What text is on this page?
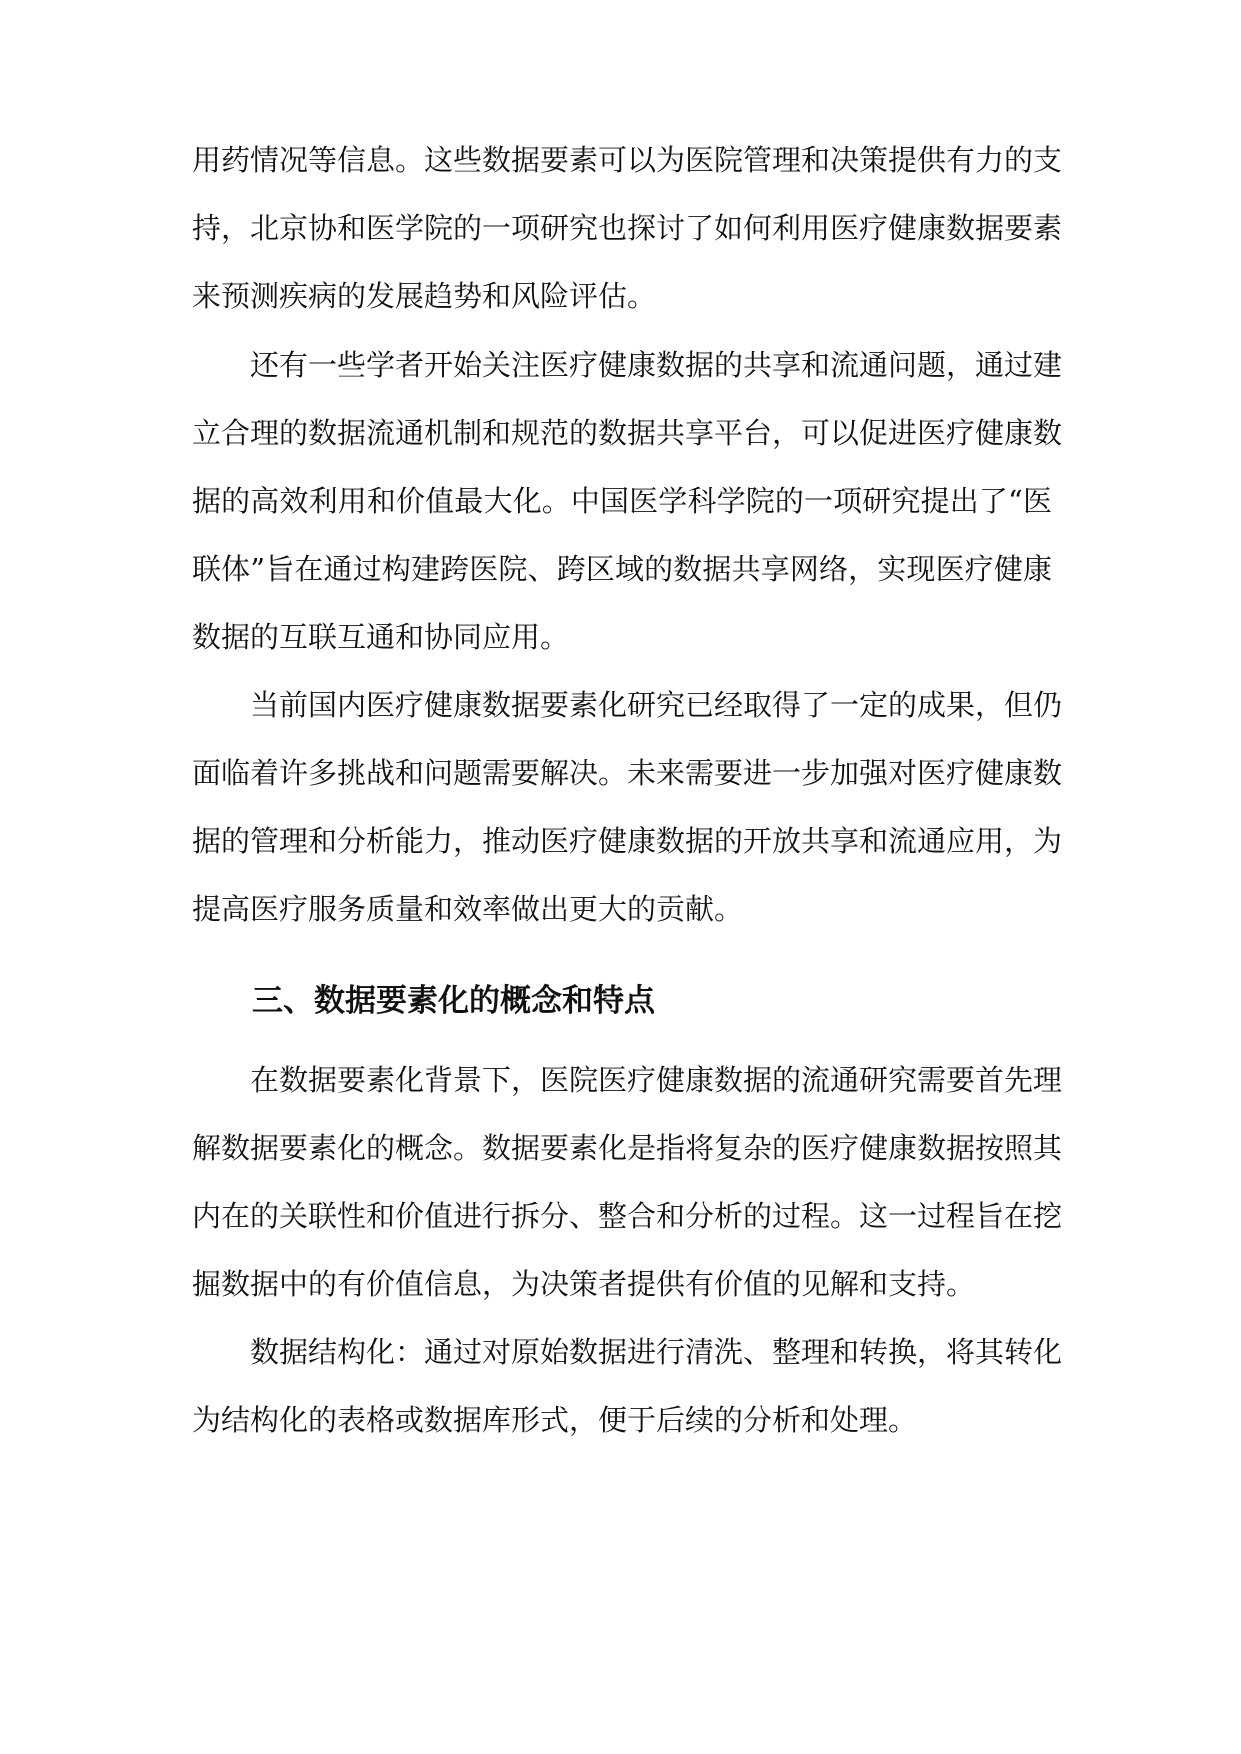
用药情况等信息。这些数据要素可以为医院管理和决策提供有力的支
持，北京协和医学院的一项研究也探讨了如何利用医疗健康数据要素
来预测疾病的发展趋势和风险评估。
还有一些学者开始关注医疗健康数据的共享和流通问题，通过建
立合理的数据流通机制和规范的数据共享平台，可以促进医疗健康数
据的高效利用和价值最大化。中国医学科学院的一项研究提出了“医
联体”旨在通过构建跨医院、跨区域的数据共享网络，实现医疗健康
数据的互联互通和协同应用。
当前国内医疗健康数据要素化研究已经取得了一定的成果，但仍
面临着许多挑战和问题需要解决。未来需要进一步加强对医疗健康数
据的管理和分析能力，推动医疗健康数据的开放共享和流通应用，为
提高医疗服务质量和效率做出更大的贡献。
三、数据要素化的概念和特点
在数据要素化背景下，医院医疗健康数据的流通研究需要首先理
解数据要素化的概念。数据要素化是指将复杂的医疗健康数据按照其
内在的关联性和价值进行拆分、整合和分析的过程。这一过程旨在挖
掘数据中的有价值信息，为决策者提供有价值的见解和支持。
数据结构化：通过对原始数据进行清洗、整理和转换，将其转化
为结构化的表格或数据库形式，便于后续的分析和处理。
